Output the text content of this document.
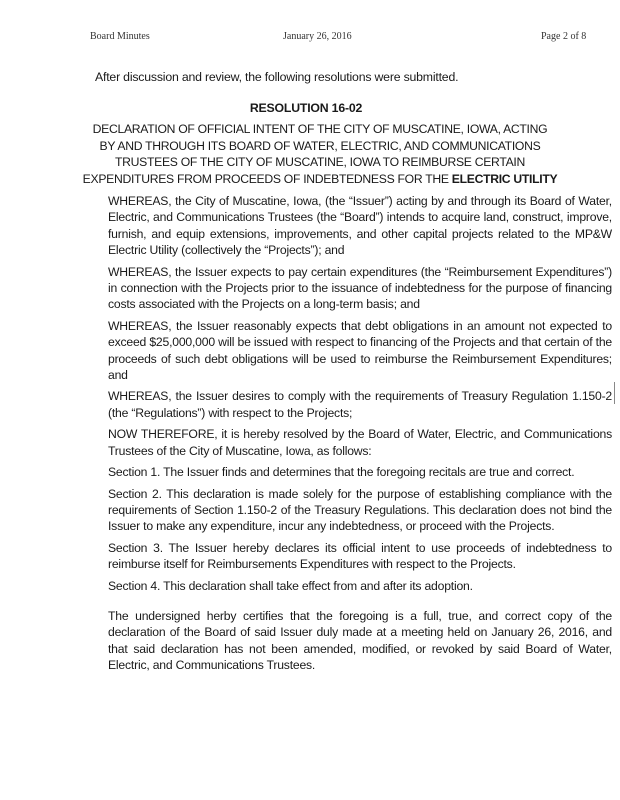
Board Minutes	January 26, 2016	Page 2 of 8
After discussion and review, the following resolutions were submitted.
RESOLUTION 16-02
DECLARATION OF OFFICIAL INTENT OF THE CITY OF MUSCATINE, IOWA, ACTING
BY AND THROUGH ITS BOARD OF WATER, ELECTRIC, AND COMMUNICATIONS
TRUSTEES OF THE CITY OF MUSCATINE, IOWA TO REIMBURSE CERTAIN
EXPENDITURES FROM PROCEEDS OF INDEBTEDNESS FOR THE ELECTRIC UTILITY

WHEREAS, the City of Muscatine, Iowa, (the “Issuer”) acting by and through its Board of Water, Electric, and Communications Trustees (the “Board”) intends to acquire land, construct, improve, furnish, and equip extensions, improvements, and other capital projects related to the MP&W Electric Utility (collectively the “Projects”); and

WHEREAS, the Issuer expects to pay certain expenditures (the “Reimbursement Expenditures”) in connection with the Projects prior to the issuance of indebtedness for the purpose of financing costs associated with the Projects on a long-term basis; and

WHEREAS, the Issuer reasonably expects that debt obligations in an amount not expected to exceed $25,000,000 will be issued with respect to financing of the Projects and that certain of the proceeds of such debt obligations will be used to reimburse the Reimbursement Expenditures; and

WHEREAS, the Issuer desires to comply with the requirements of Treasury Regulation 1.150-2 (the “Regulations”) with respect to the Projects;

NOW THEREFORE, it is hereby resolved by the Board of Water, Electric, and Communications Trustees of the City of Muscatine, Iowa, as follows:

Section 1. The Issuer finds and determines that the foregoing recitals are true and correct.

Section 2. This declaration is made solely for the purpose of establishing compliance with the requirements of Section 1.150-2 of the Treasury Regulations. This declaration does not bind the Issuer to make any expenditure, incur any indebtedness, or proceed with the Projects.

Section 3. The Issuer hereby declares its official intent to use proceeds of indebtedness to reimburse itself for Reimbursements Expenditures with respect to the Projects.

Section 4. This declaration shall take effect from and after its adoption.

The undersigned herby certifies that the foregoing is a full, true, and correct copy of the declaration of the Board of said Issuer duly made at a meeting held on January 26, 2016, and that said declaration has not been amended, modified, or revoked by said Board of Water, Electric, and Communications Trustees.
